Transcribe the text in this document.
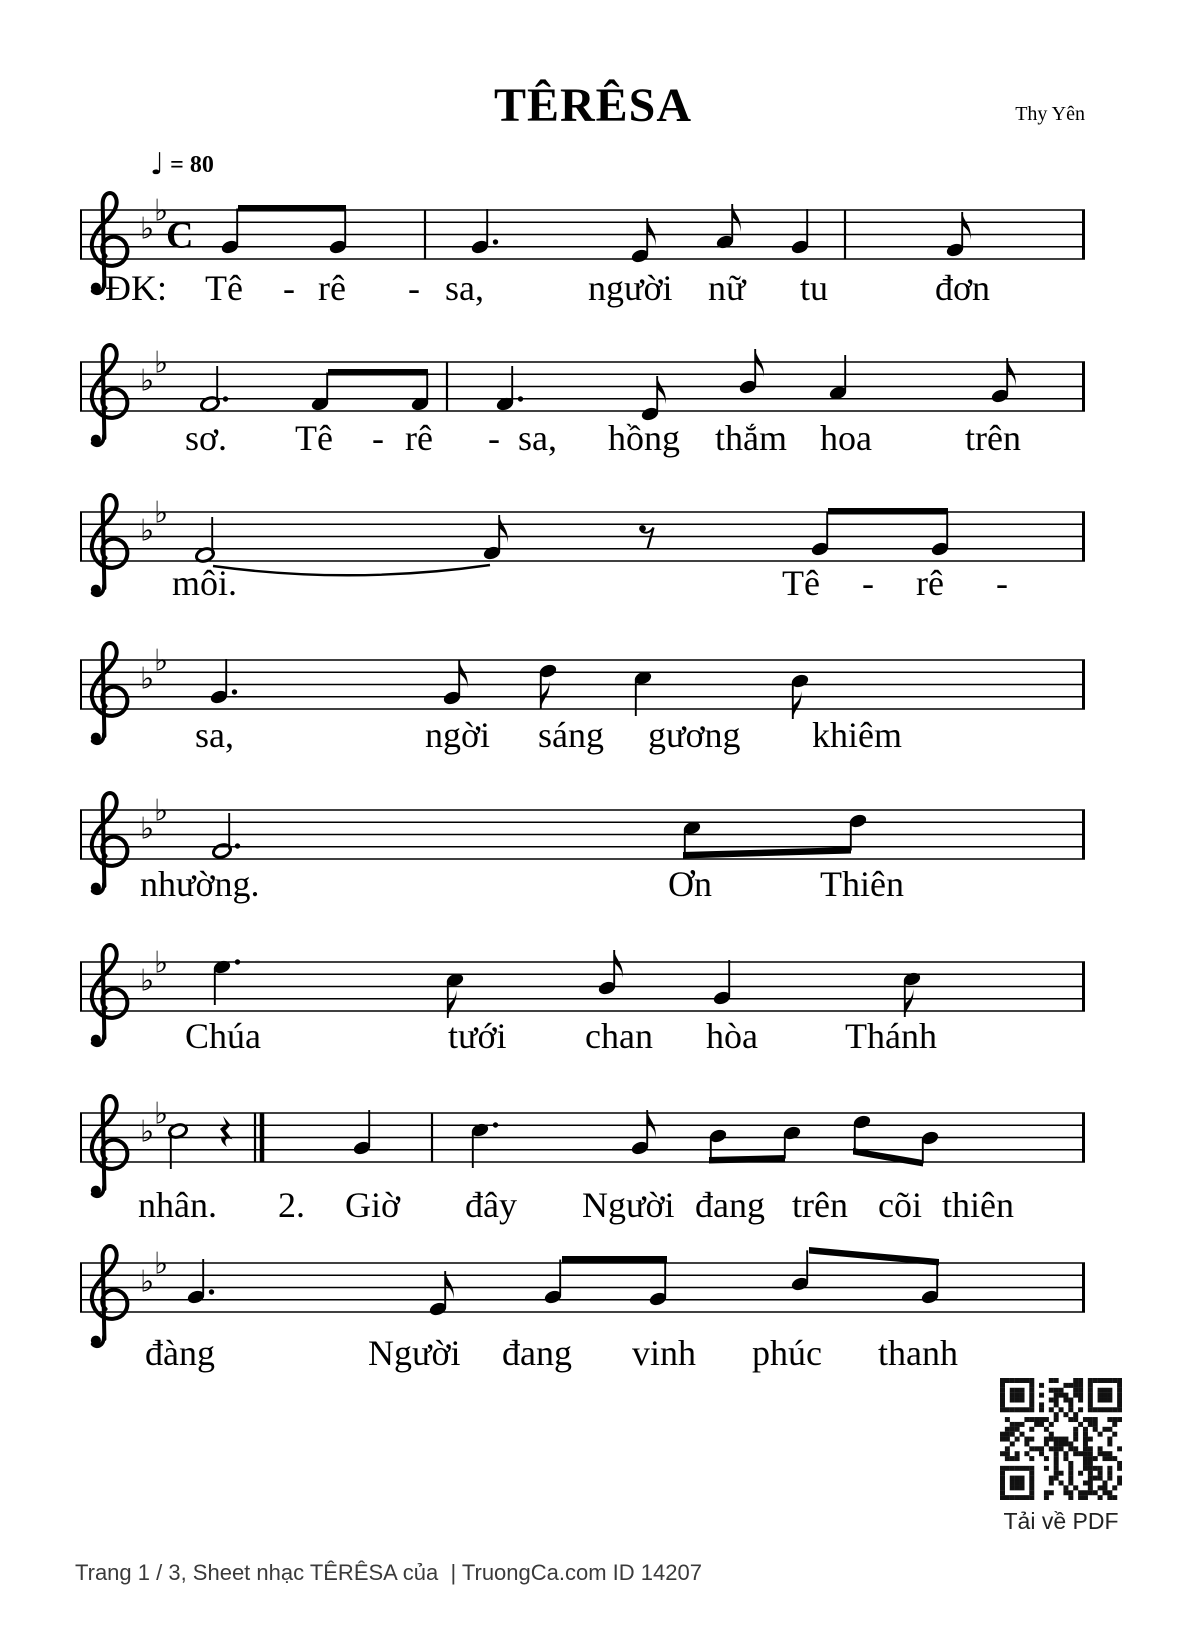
♭
♭
C
♭
♭
♭
♭
♭
♭
♭
♭
♭
♭
♭
♭
♭
♭
TÊRÊSA	Thy Yên
♩ = 80
ĐK: Tê - rê - sa,	người nữ tu	đơn
sơ. Tê - rê - sa, hồng thắm hoa	trên
môi.	Tê - rê -
sa,	ngời sáng gương khiêm
nhường.	Ơn	Thiên
Chúa	tưới chan hòa Thánh
nhân. 2. Giờ đây Người đang trên cõi thiên
đàng	Người đang vinh phúc thanh
Tải về PDF
Trang 1 / 3, Sheet nhạc TÊRÊSA của  | TruongCa.com ID 14207
